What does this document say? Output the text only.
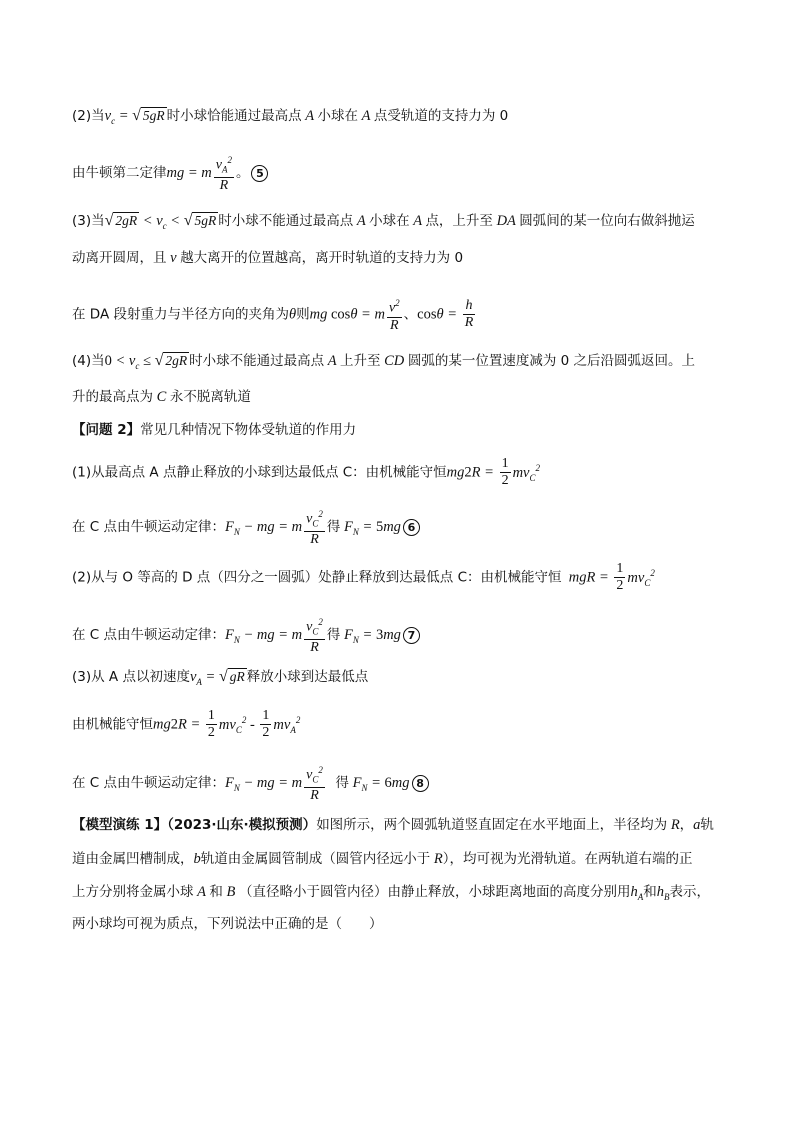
(2)当$v_c$ = √ 5gR 时小球恰能通过最高点 A 小球在 A 点受轨道的支持力为 0
由牛顿第二定律mg = m $\frac{v_A^2}{R}$ 。 5
(3)当√ $2gR < v_c$ < √ 5gR 时小球不能通过最高点 A 小球在 A 点，上升至 DA 圆弧间的某一位向右做斜抛运
动离开圆周，且 v 越大离开的位置越高，离开时轨道的支持力为 0
在 DA 段射重力与半径方向的夹角为θ则mg cosθ = m $\frac{v^2}{R}$ 、$\cos\theta = \frac{h}{R}$
(4)当$0 < v_c$ ≤ √ 2gR 时小球不能通过最高点 A 上升至 CD 圆弧的某一位置速度减为 0 之后沿圆弧返回。上
升的最高点为 C 永不脱离轨道
【问题 2】常见几种情况下物体受轨道的作用力
(1)从最高点 A 点静止释放的小球到达最低点 C：由机械能守恒$mg2R = \frac{1}{2} mv_C^2$
在 C 点由牛顿运动定律：$F_N$ − mg = m $\frac{v_C^2}{R}$ 得 $F_N = 5mg$ 6
(2)从与 O 等高的 D 点（四分之一圆弧）处静止释放到达最低点 C：由机械能守恒  mgR = $\frac{1}{2} mv_C^2$
在 C 点由牛顿运动定律：$F_N$ − mg = m $\frac{v_C^2}{R}$ 得 $F_N = 3mg$ 7
(3)从 A 点以初速度$v_A$ = √ gR 释放小球到达最低点
由机械能守恒$mg2R = \frac{1}{2} mv_C^2 - \frac{1}{2} mv_A^2$
在 C 点由牛顿运动定律：$F_N$ − mg = m $\frac{v_C^2}{R}$ 得 $F_N = 6mg$ 8
【模型演练 1】（2023·山东·模拟预测）如图所示，两个圆弧轨道竖直固定在水平地面上，半径均为 R，a轨
道由金属凹槽制成，b轨道由金属圆管制成（圆管内径远小于 R），均可视为光滑轨道。在两轨道右端的正
上方分别将金属小球 A 和 B （直径略小于圆管内径）由静止释放，小球距离地面的高度分别用$h_A$和$h_B$表示，
两小球均可视为质点，下列说法中正确的是（　　）
